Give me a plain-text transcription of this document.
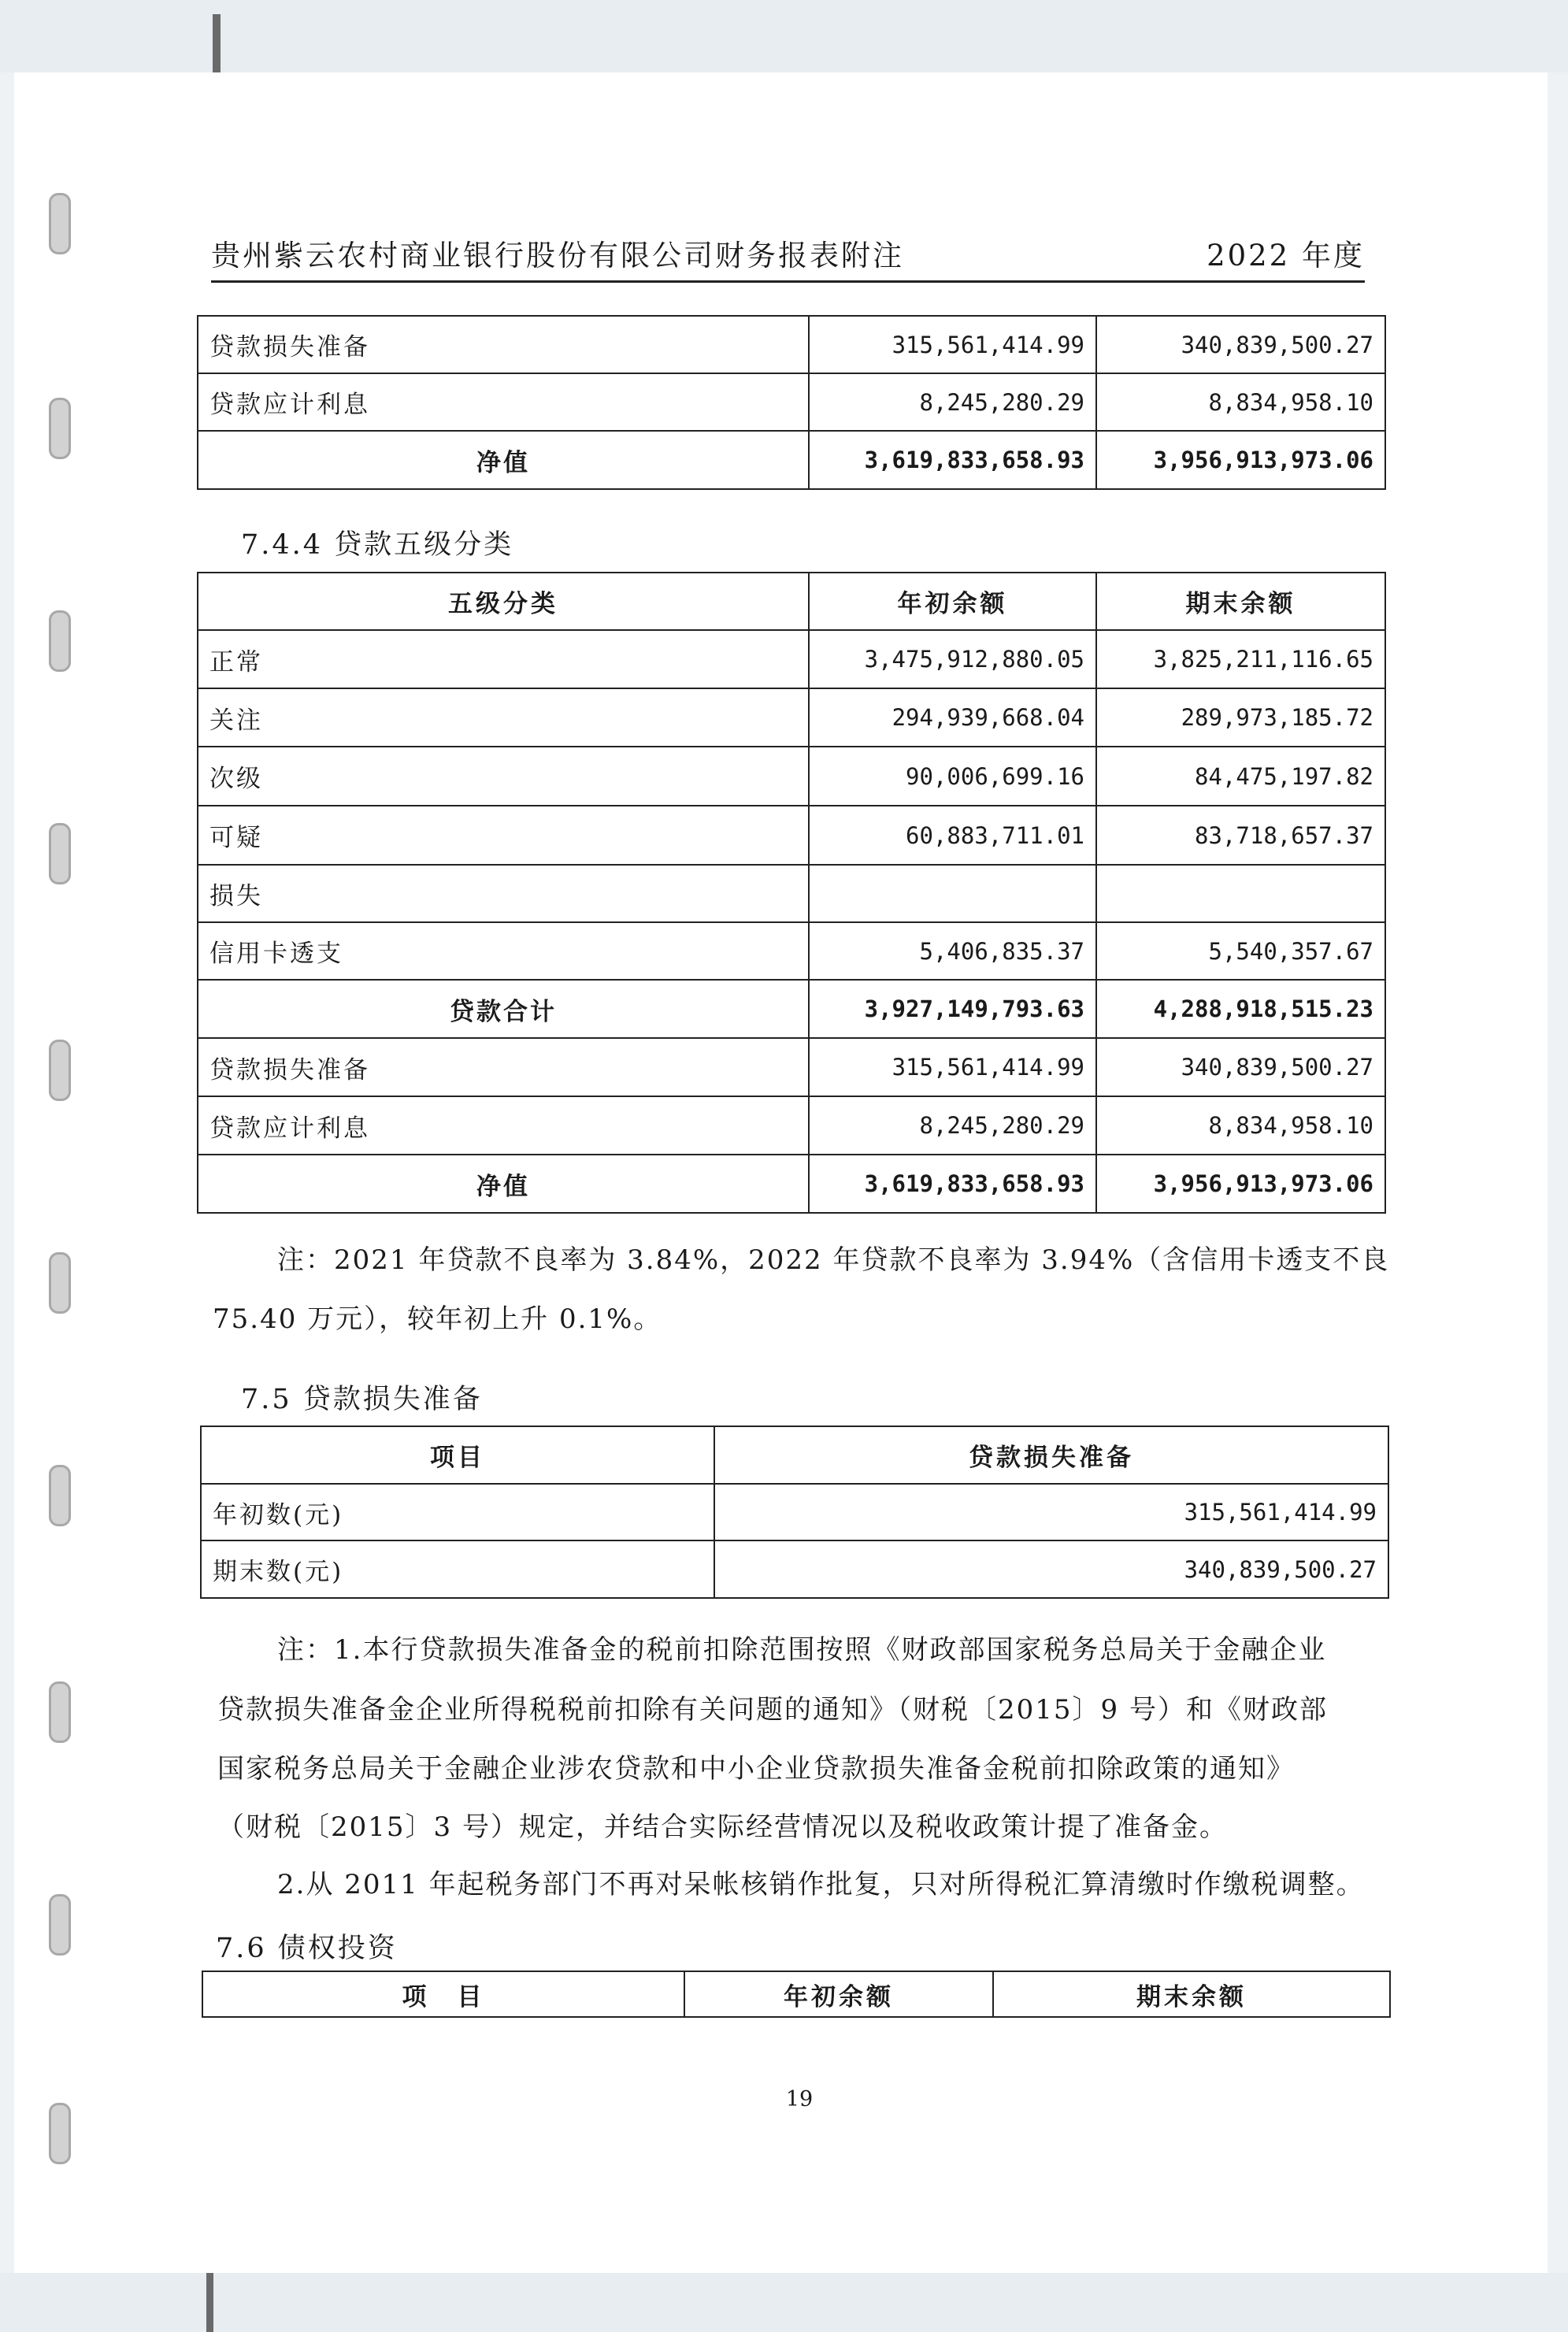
贵州紫云农村商业银行股份有限公司财务报表附注	2022 年度
贷款损失准备	315,561,414.99	340,839,500.27
贷款应计利息	8,245,280.29	8,834,958.10
净值	3,619,833,658.93	3,956,913,973.06
7.4.4 贷款五级分类
五级分类	年初余额	期末余额
正常	3,475,912,880.05	3,825,211,116.65
关注	294,939,668.04	289,973,185.72
次级	90,006,699.16	84,475,197.82
可疑	60,883,711.01	83,718,657.37
损失		
信用卡透支	5,406,835.37	5,540,357.67
贷款合计	3,927,149,793.63	4,288,918,515.23
贷款损失准备	315,561,414.99	340,839,500.27
贷款应计利息	8,245,280.29	8,834,958.10
净值	3,619,833,658.93	3,956,913,973.06
注：2021 年贷款不良率为 3.84%，2022 年贷款不良率为 3.94%（含信用卡透支不良
75.40 万元），较年初上升 0.1%。
7.5 贷款损失准备
项目	贷款损失准备
年初数(元)	315,561,414.99
期末数(元)	340,839,500.27
注：1.本行贷款损失准备金的税前扣除范围按照《财政部国家税务总局关于金融企业
贷款损失准备金企业所得税税前扣除有关问题的通知》（财税〔2015〕9 号）和《财政部
国家税务总局关于金融企业涉农贷款和中小企业贷款损失准备金税前扣除政策的通知》
（财税〔2015〕3 号）规定，并结合实际经营情况以及税收政策计提了准备金。
2.从 2011 年起税务部门不再对呆帐核销作批复，只对所得税汇算清缴时作缴税调整。
7.6 债权投资
项　目	年初余额	期末余额
19
